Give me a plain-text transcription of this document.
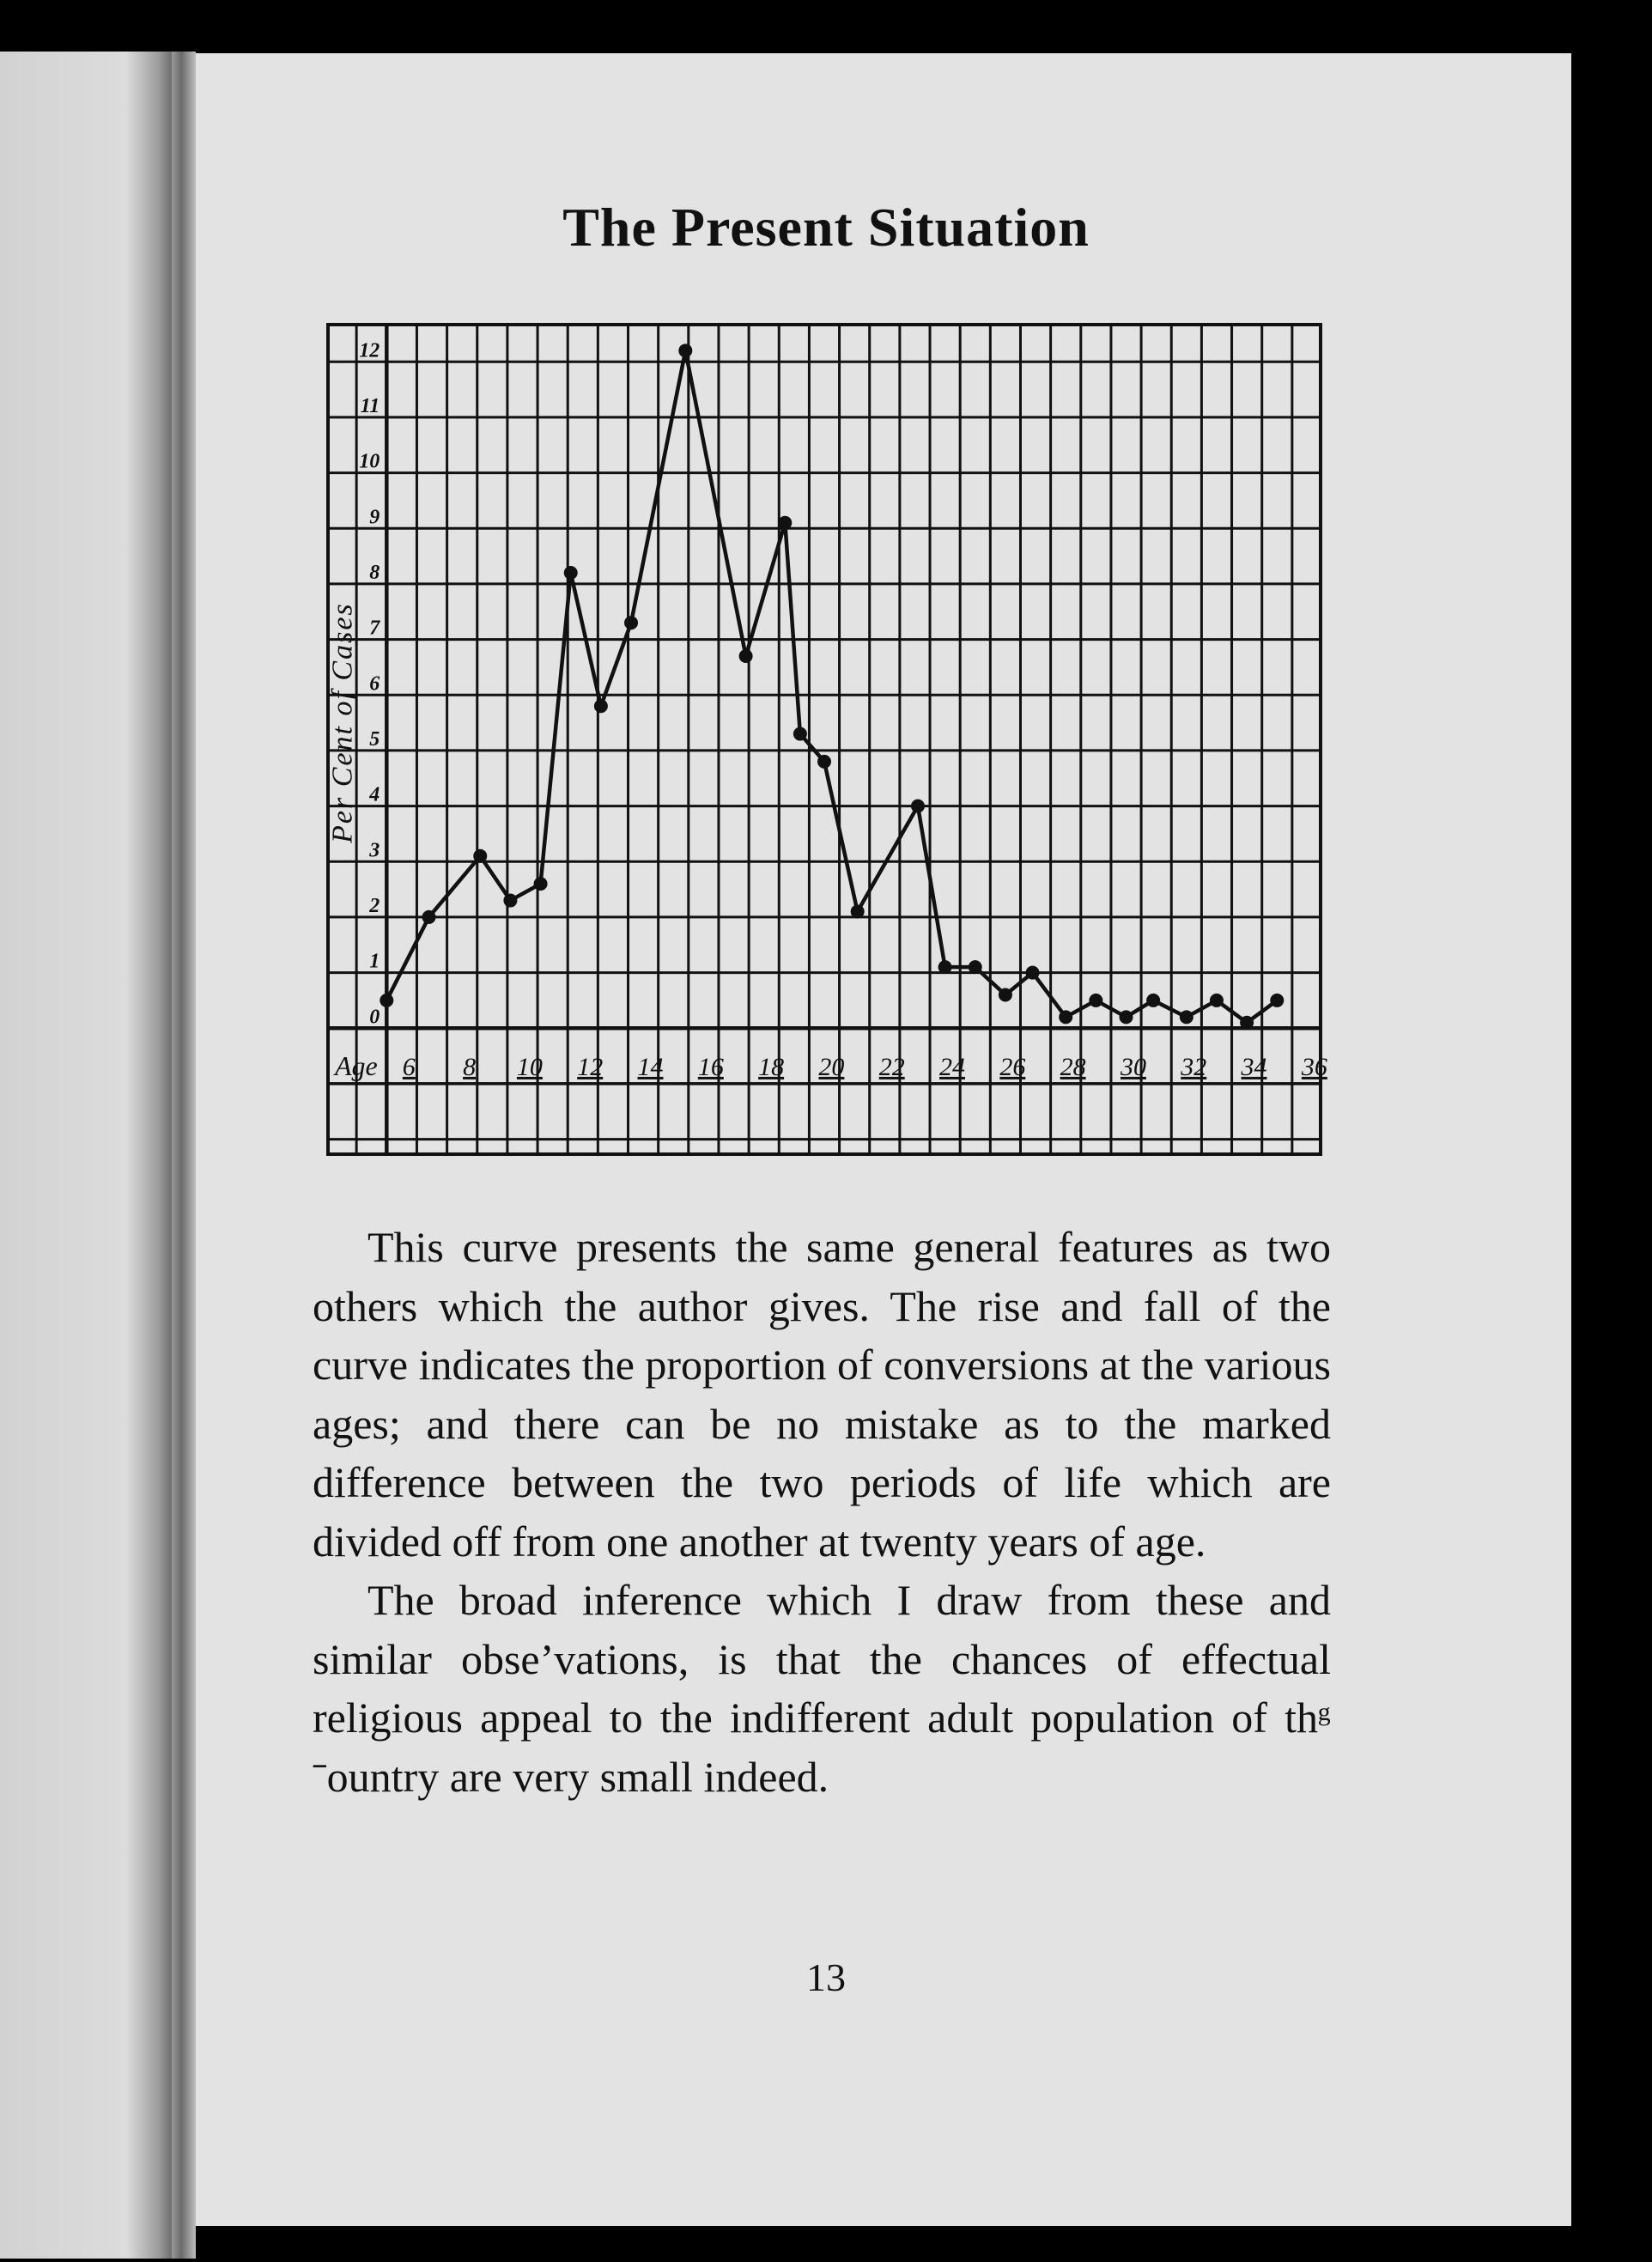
The Present Situation
0
1
2
3
4
5
6
7
8
9
10
11
12
6 8 10 12 14 16 18 20 22 24 26 28 30 32 34 36
Age
Per Cent of Cases

This curve presents the same general features as two others which the author gives. The rise and fall of the curve indicates the proportion of conversions at the various ages; and there can be no mistake as to the marked difference between the two periods of life which are divided off from one another at twenty years of age.

The broad inference which I draw from these and similar obseʼvations, is that the chances of effectual religious appeal to the indifferent adult population of thᵍ ˉountry are very small indeed.

13
